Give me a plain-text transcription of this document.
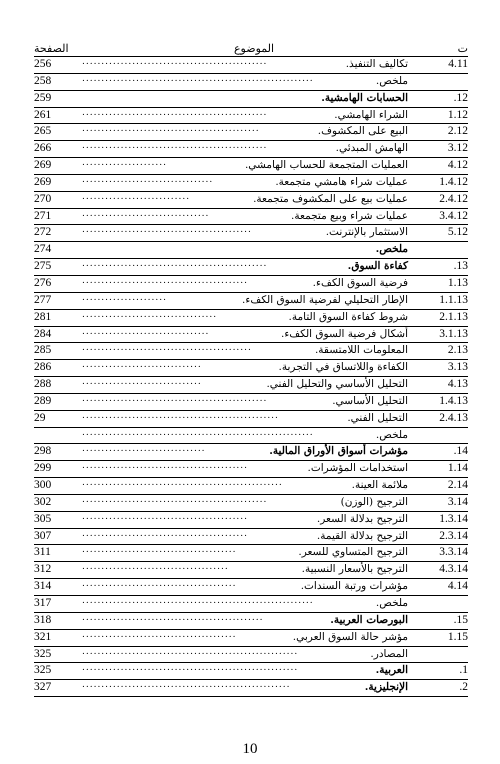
الصفحة	الموضوع	ت
256	................................................	تكاليف التنفيذ.	4.11
258	............................................................	ملخص.
259	الحسابات الهامشية.	.12
261	................................................	الشراء الهامشي.	1.12
265	..............................................	البيع على المكشوف.	2.12
266	................................................	الهامش المبدئي.	3.12
269	......................	العمليات المتجمعة للحساب الهامشي.	4.12
269	..................................	عمليات شراء هامشي متجمعة.	1.4.12
270	............................	عمليات بيع على المكشوف متجمعة.	2.4.12
271	.................................	عمليات شراء وبيع متجمعة.	3.4.12
272	............................................	الاستثمار بالإنترنت.	5.12
274	ملخص.
275	................................................	كفاءة السوق.	.13
276	...........................................	فرضية السوق الكفء.	1.13
277	......................	الإطار التحليلي لفرضية السوق الكفء.	1.1.13
281	...................................	شروط كفاءة السوق التامة.	2.1.13
284	.................................	أشكال فرضية السوق الكفء.	3.1.13
285	............................................	المعلومات اللامتسقة.	2.13
286	...............................	الكفاءة واللاتساق في التجربة.	3.13
288	...............................	التحليل الأساسي والتحليل الفني.	4.13
289	................................................	التحليل الأساسي.	1.4.13
29	...................................................	التحليل الفني.	2.4.13
............................................................	ملخص.
298	................................	مؤشرات أسواق الأوراق المالية.	.14
299	...........................................	استخدامات المؤشرات.	1.14
300	....................................................	ملائمة العينة.	2.14
302	................................................	الترجيح (الوزن)	3.14
305	...........................................	الترجيح بدلالة السعر.	1.3.14
307	...........................................	الترجيح بدلالة القيمة.	2.3.14
311	........................................	الترجيح المتساوي للسعر.	3.3.14
312	......................................	الترجيح بالأسعار النسبية.	4.3.14
314	........................................	مؤشرات ورتبة السندات.	4.14
317	............................................................	ملخص.
318	...............................................	البورصات العربية.	.15
321	........................................	مؤشر حالة السوق العربي.	1.15
325	........................................................	المصادر.
325	........................................................	العربية.	.1
327	......................................................	الإنجليزية.	.2
10
